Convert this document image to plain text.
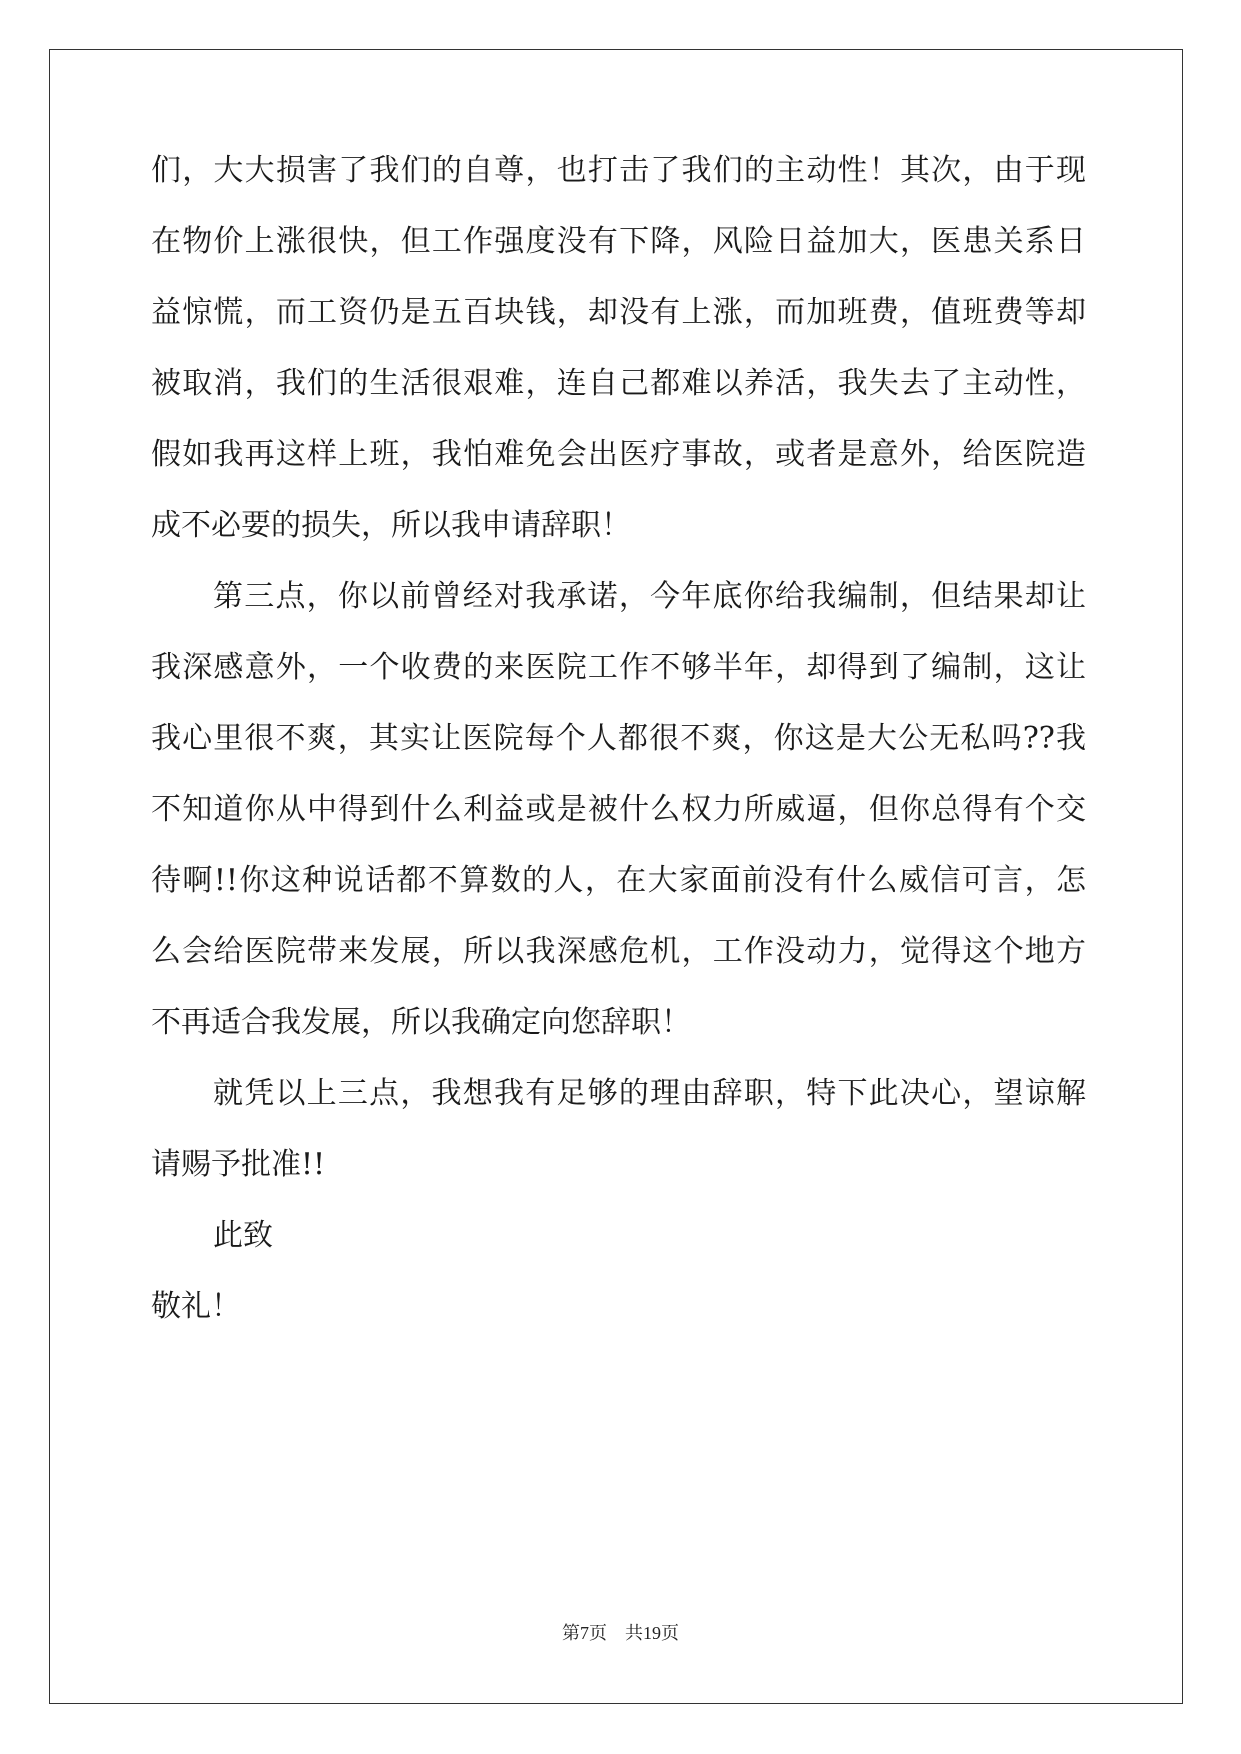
们，大大损害了我们的自尊，也打击了我们的主动性！其次，由于现

在物价上涨很快，但工作强度没有下降，风险日益加大，医患关系日

益惊慌，而工资仍是五百块钱，却没有上涨，而加班费，值班费等却

被取消，我们的生活很艰难，连自己都难以养活，我失去了主动性，

假如我再这样上班，我怕难免会出医疗事故，或者是意外，给医院造

成不必要的损失，所以我申请辞职！

第三点，你以前曾经对我承诺，今年底你给我编制，但结果却让

我深感意外，一个收费的来医院工作不够半年，却得到了编制，这让

我心里很不爽，其实让医院每个人都很不爽，你这是大公无私吗??我

不知道你从中得到什么利益或是被什么权力所威逼，但你总得有个交

待啊!!你这种说话都不算数的人，在大家面前没有什么威信可言，怎

么会给医院带来发展，所以我深感危机，工作没动力，觉得这个地方

不再适合我发展，所以我确定向您辞职！

就凭以上三点，我想我有足够的理由辞职，特下此决心，望谅解

请赐予批准!!

此致

敬礼！

第7页 共19页
